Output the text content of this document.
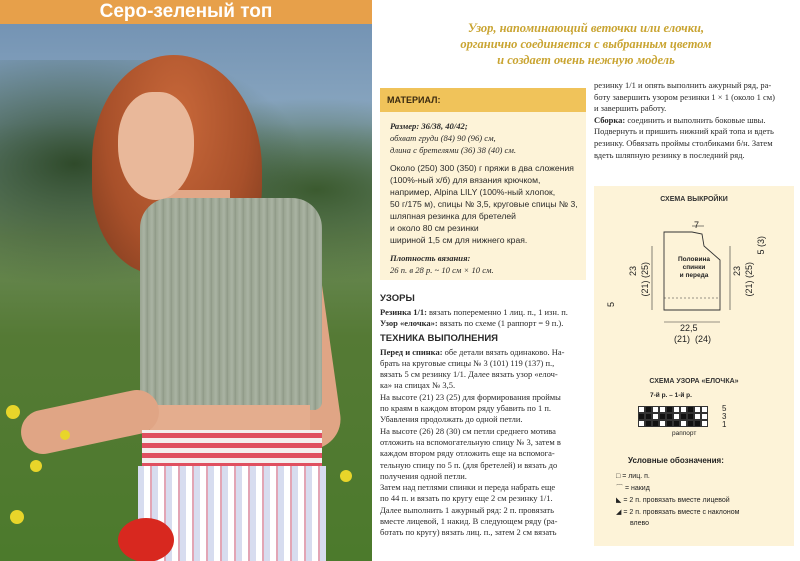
Серо-зеленый топ
Узор, напоминающий веточки или елочки,
органично соединяется с выбранным цветом
и создает очень нежную модель
МАТЕРИАЛ:

Размер: 36/38, 40/42;

обхват груди (84) 90 (96) см,

длина с бретелями (36) 38 (40) см.

Около (250) 300 (350) г пряжи в два сложения

(100%-ный х/б) для вязания крючком,

например, Alpina LILY (100%-ный хлопок,

50 г/175 м), спицы № 3,5, круговые спицы № 3,

шляпная резинка для бретелей

и около 80 см резинки

шириной 1,5 см для нижнего края.

Плотность вязания:

26 п. в 28 р. ~ 10 см × 10 см.

УЗОРЫ

Резинка 1/1: вязать попеременно 1 лиц. п., 1 изн. п.

Узор «елочка»: вязать по схеме (1 раппорт = 9 п.).

ТЕХНИКА ВЫПОЛНЕНИЯ

Перед и спинка: обе детали вязать одинаково. На-

брать на круговые спицы № 3 (101) 119 (137) п.,

вязать 5 см резинку 1/1. Далее вязать узор «елоч-

ка» на спицах № 3,5.

На высоте (21) 23 (25) для формирования проймы

по краям в каждом втором ряду убавить по 1 п.

Убавления продолжать до одной петли.

На высоте (26) 28 (30) см петли среднего мотива

отложить на вспомогательную спицу № 3, затем в

каждом втором ряду отложить еще на вспомога-

тельную спицу по 5 п. (для бретелей) и вязать до

получения одной петли.

Затем над петлями спинки и переда набрать еще

по 44 п. и вязать по кругу еще 2 см резинку 1/1.

Далее выполнить 1 ажурный ряд: 2 п. провязать

вместе лицевой, 1 накид. В следующем ряду (ра-

ботать по кругу) вязать лиц. п., затем 2 см вязать

резинку 1/1 и опять выполнить ажурный ряд, ра-

боту завершить узором резинки 1 × 1 (около 1 см)

и завершить работу.

Сборка: соединить и выполнить боковые швы.

Подвернуть и пришить нижний край топа и вдеть

резинку. Обвязать проймы столбиками б/н. Затем

вдеть шляпную резинку в последний ряд.

СХЕМА ВЫКРОЙКИ
7
23 (21) (25)
5
23 (21) (25)
5 (3)
Половина
спинки
и переда
22,5
(21)  (24)
СХЕМА УЗОРА «ЕЛОЧКА»
7-й р. – 1-й р.
5
3
1
раппорт
Условные обозначения:
□ = лиц. п.
⌒ = накид
◣ = 2 п. провязать вместе лицевой
◢ = 2 п. провязать вместе с наклоном
влево
